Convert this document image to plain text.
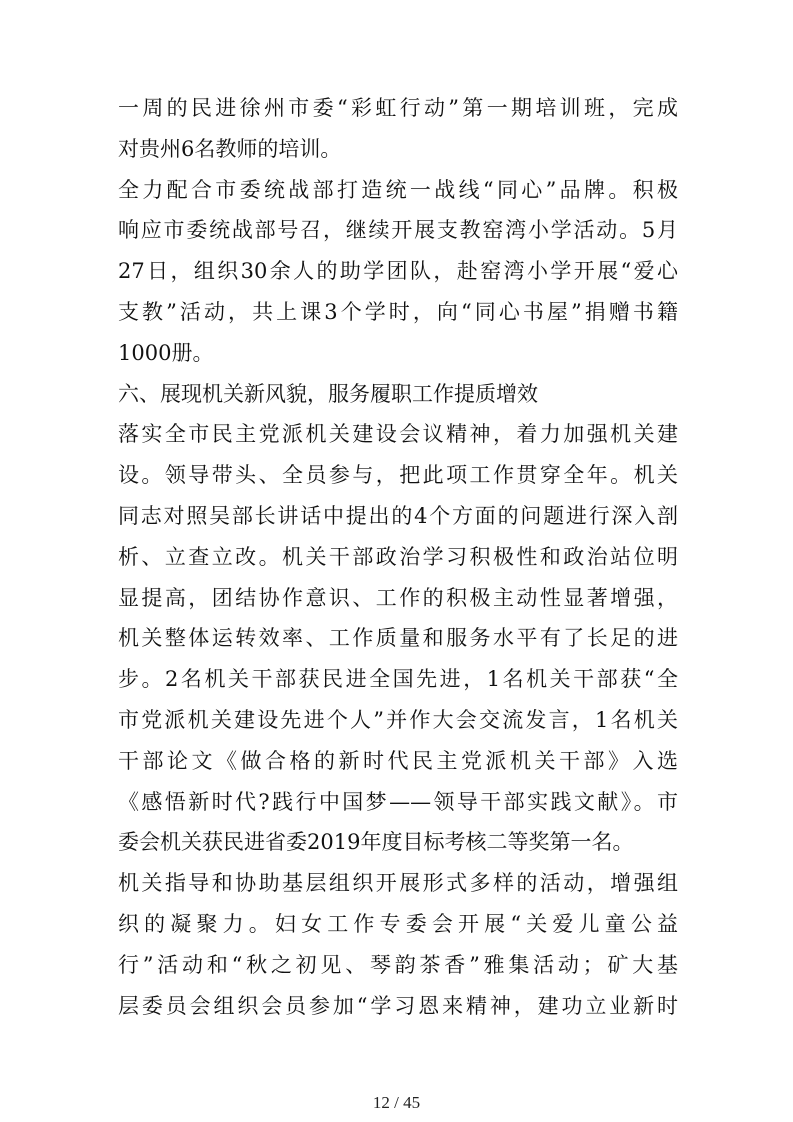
一周的民进徐州市委“彩虹行动”第一期培训班，完成
对贵州6名教师的培训。
全力配合市委统战部打造统一战线“同心”品牌。积极
响应市委统战部号召，继续开展支教窑湾小学活动。5月
27日，组织30余人的助学团队，赴窑湾小学开展“爱心
支教”活动，共上课3个学时，向“同心书屋”捐赠书籍
1000册。
六、展现机关新风貌，服务履职工作提质增效
落实全市民主党派机关建设会议精神，着力加强机关建
设。领导带头、全员参与，把此项工作贯穿全年。机关
同志对照吴部长讲话中提出的4个方面的问题进行深入剖
析、立查立改。机关干部政治学习积极性和政治站位明
显提高，团结协作意识、工作的积极主动性显著增强，
机关整体运转效率、工作质量和服务水平有了长足的进
步。2名机关干部获民进全国先进，1名机关干部获“全
市党派机关建设先进个人”并作大会交流发言，1名机关
干部论文《做合格的新时代民主党派机关干部》入选
《感悟新时代?践行中国梦——领导干部实践文献》。市
委会机关获民进省委2019年度目标考核二等奖第一名。
机关指导和协助基层组织开展形式多样的活动，增强组
织的凝聚力。妇女工作专委会开展“关爱儿童公益
行”活动和“秋之初见、琴韵茶香”雅集活动；矿大基
层委员会组织会员参加“学习恩来精神，建功立业新时
12 / 45
